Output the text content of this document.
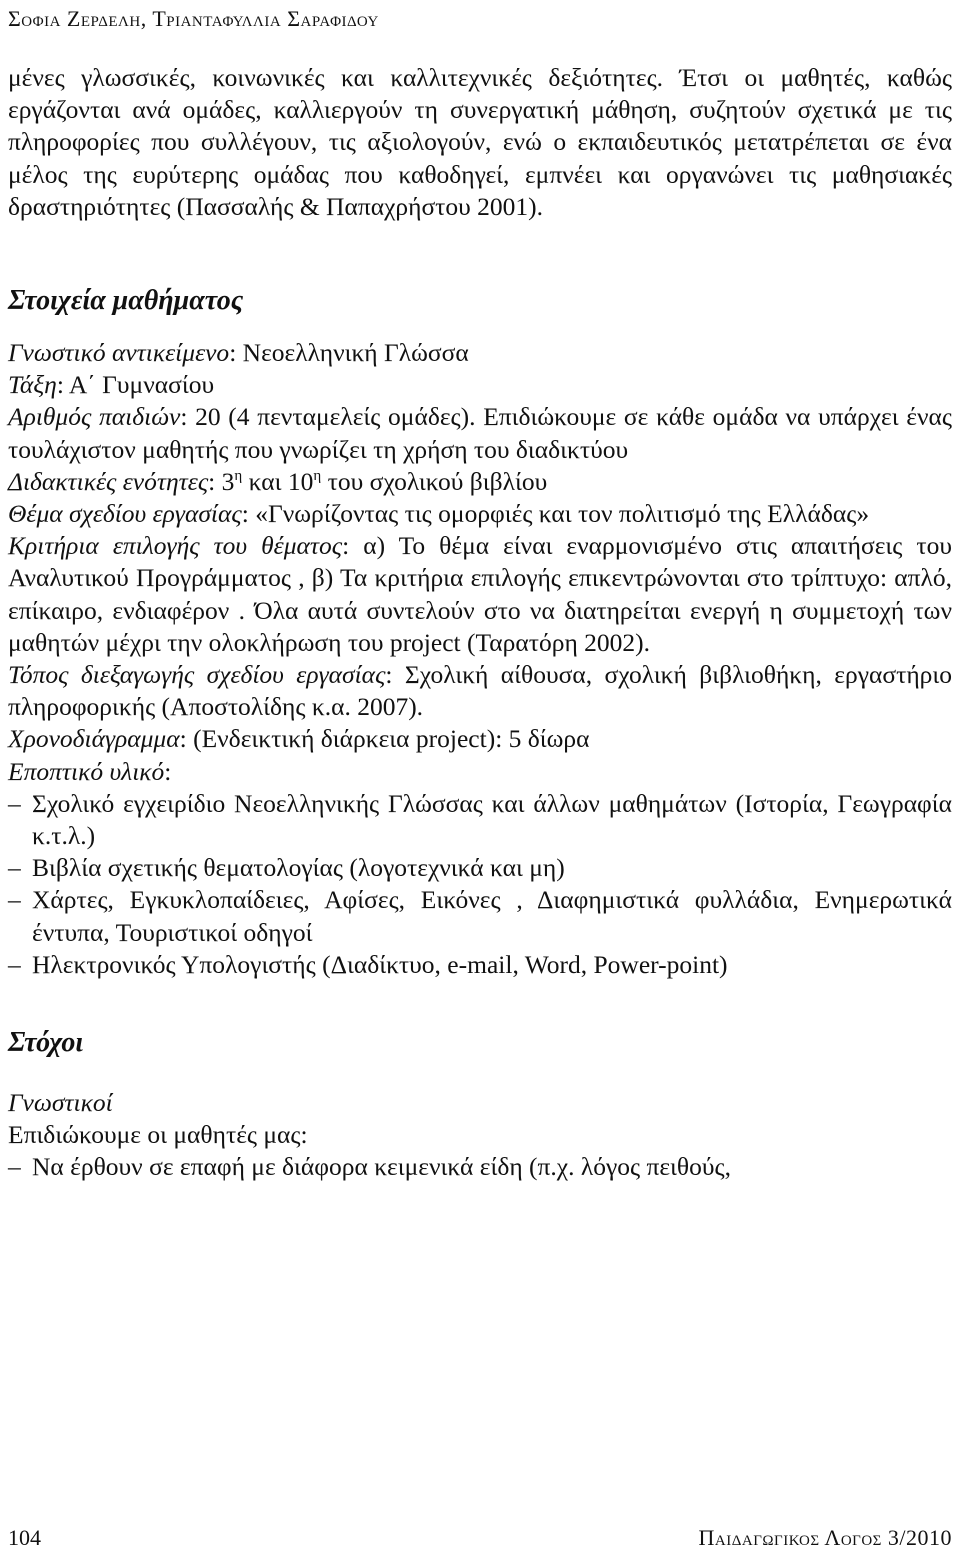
Σοφια Ζερδελη, Τριανταφυλλια Σαραφιδου

μένες γλωσσικές, κοινωνικές και καλλιτεχνικές δεξιότητες. Έτσι οι μαθητές, καθώς εργάζονται ανά ομάδες, καλλιεργούν τη συνεργατική μάθηση, συζητούν σχετικά με τις πληροφορίες που συλλέγουν, τις αξιολογούν, ενώ ο εκπαιδευτικός μετατρέπεται σε ένα μέλος της ευρύτερης ομάδας που καθοδηγεί, εμπνέει και οργανώνει τις μαθησιακές δραστηριότητες (Πασσαλής & Παπαχρήστου 2001).

Στοιχεία μαθήματος

Γνωστικό αντικείμενο: Νεοελληνική Γλώσσα

Τάξη: Α΄ Γυμνασίου

Αριθμός παιδιών: 20 (4 πενταμελείς ομάδες). Επιδιώκουμε σε κάθε ομάδα να υπάρχει ένας τουλάχιστον μαθητής που γνωρίζει τη χρήση του διαδικτύου

Διδακτικές ενότητες: $3^\eta$ και $10^\eta$ του σχολικού βιβλίου

Θέμα σχεδίου εργασίας: «Γνωρίζοντας τις ομορφιές και τον πολιτισμό της Ελλάδας»

Κριτήρια επιλογής του θέματος: α) Το θέμα είναι εναρμονισμένο στις απαιτήσεις του Αναλυτικού Προγράμματος , β) Τα κριτήρια επιλογής επικεντρώνονται στο τρίπτυχο: απλό, επίκαιρο, ενδιαφέρον . Όλα αυτά συντελούν στο να διατηρείται ενεργή η συμμετοχή των μαθητών μέχρι την ολοκλήρωση του project (Ταρατόρη 2002).

Τόπος διεξαγωγής σχεδίου εργασίας: Σχολική αίθουσα, σχολική βιβλιοθήκη, εργαστήριο πληροφορικής (Αποστολίδης κ.α. 2007).

Χρονοδιάγραμμα: (Ενδεικτική διάρκεια project): 5 δίωρα

Εποπτικό υλικό:

– Σχολικό εγχειρίδιο Νεοελληνικής Γλώσσας και άλλων μαθημάτων (Ιστορία, Γεωγραφία κ.τ.λ.)
– Βιβλία σχετικής θεματολογίας (λογοτεχνικά και μη)
– Χάρτες, Εγκυκλοπαίδειες, Αφίσες, Εικόνες , Διαφημιστικά φυλλάδια, Ενημερωτικά έντυπα, Τουριστικοί οδηγοί
– Ηλεκτρονικός Υπολογιστής (Διαδίκτυο, e-mail, Word, Power-point)
Στόχοι

Γνωστικοί

Επιδιώκουμε οι μαθητές μας:

– Να έρθουν σε επαφή με διάφορα κειμενικά είδη (π.χ. λόγος πειθούς,
104	Παιδαγωγικος Λογος 3/2010
